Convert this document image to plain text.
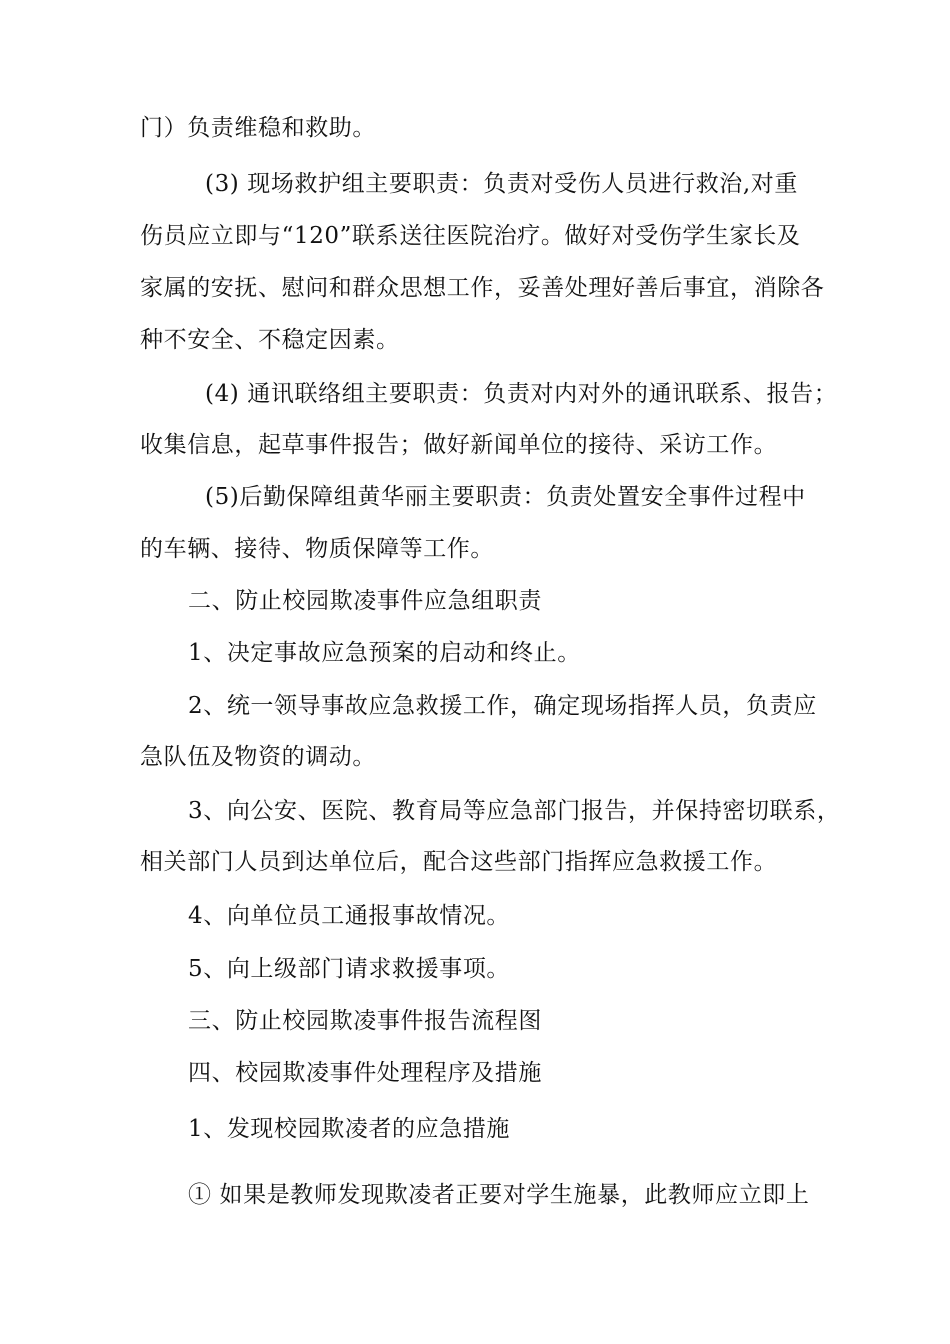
门）负责维稳和救助。
(3) 现场救护组主要职责：负责对受伤人员进行救治,对重
伤员应立即与“120”联系送往医院治疗。做好对受伤学生家长及
家属的安抚、慰问和群众思想工作，妥善处理好善后事宜，消除各
种不安全、不稳定因素。
(4) 通讯联络组主要职责：负责对内对外的通讯联系、报告；
收集信息，起草事件报告；做好新闻单位的接待、采访工作。
(5)后勤保障组黄华丽主要职责：负责处置安全事件过程中
的车辆、接待、物质保障等工作。
二、防止校园欺凌事件应急组职责
1、决定事故应急预案的启动和终止。
2、统一领导事故应急救援工作，确定现场指挥人员，负责应
急队伍及物资的调动。
3、向公安、医院、教育局等应急部门报告，并保持密切联系，
相关部门人员到达单位后，配合这些部门指挥应急救援工作。
4、向单位员工通报事故情况。
5、向上级部门请求救援事项。
三、防止校园欺凌事件报告流程图
四、校园欺凌事件处理程序及措施
1、发现校园欺凌者的应急措施
① 如果是教师发现欺凌者正要对学生施暴，此教师应立即上
